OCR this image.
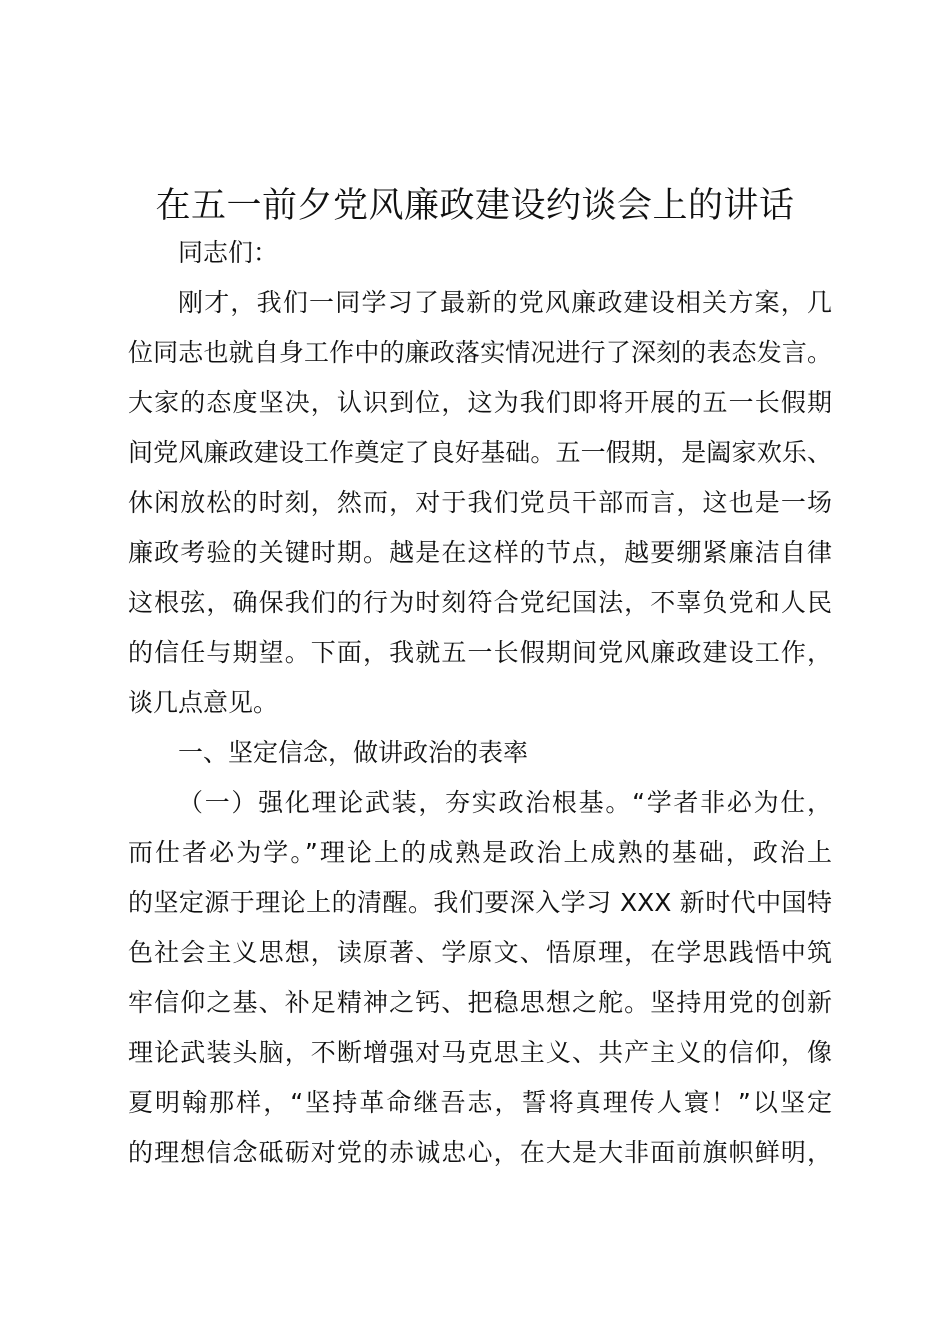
在五一前夕党风廉政建设约谈会上的讲话

同志们：

刚才，我们一同学习了最新的党风廉政建设相关方案，几

位同志也就自身工作中的廉政落实情况进行了深刻的表态发言。

大家的态度坚决，认识到位，这为我们即将开展的五一长假期

间党风廉政建设工作奠定了良好基础。五一假期，是阖家欢乐、

休闲放松的时刻，然而，对于我们党员干部而言，这也是一场

廉政考验的关键时期。越是在这样的节点，越要绷紧廉洁自律

这根弦，确保我们的行为时刻符合党纪国法，不辜负党和人民

的信任与期望。下面，我就五一长假期间党风廉政建设工作，

谈几点意见。

一、坚定信念，做讲政治的表率

（一）强化理论武装，夯实政治根基。“学者非必为仕，

而仕者必为学。”理论上的成熟是政治上成熟的基础，政治上

的坚定源于理论上的清醒。我们要深入学习 XXX 新时代中国特

色社会主义思想，读原著、学原文、悟原理，在学思践悟中筑

牢信仰之基、补足精神之钙、把稳思想之舵。坚持用党的创新

理论武装头脑，不断增强对马克思主义、共产主义的信仰，像

夏明翰那样，“坚持革命继吾志，誓将真理传人寰！”以坚定

的理想信念砥砺对党的赤诚忠心，在大是大非面前旗帜鲜明，
